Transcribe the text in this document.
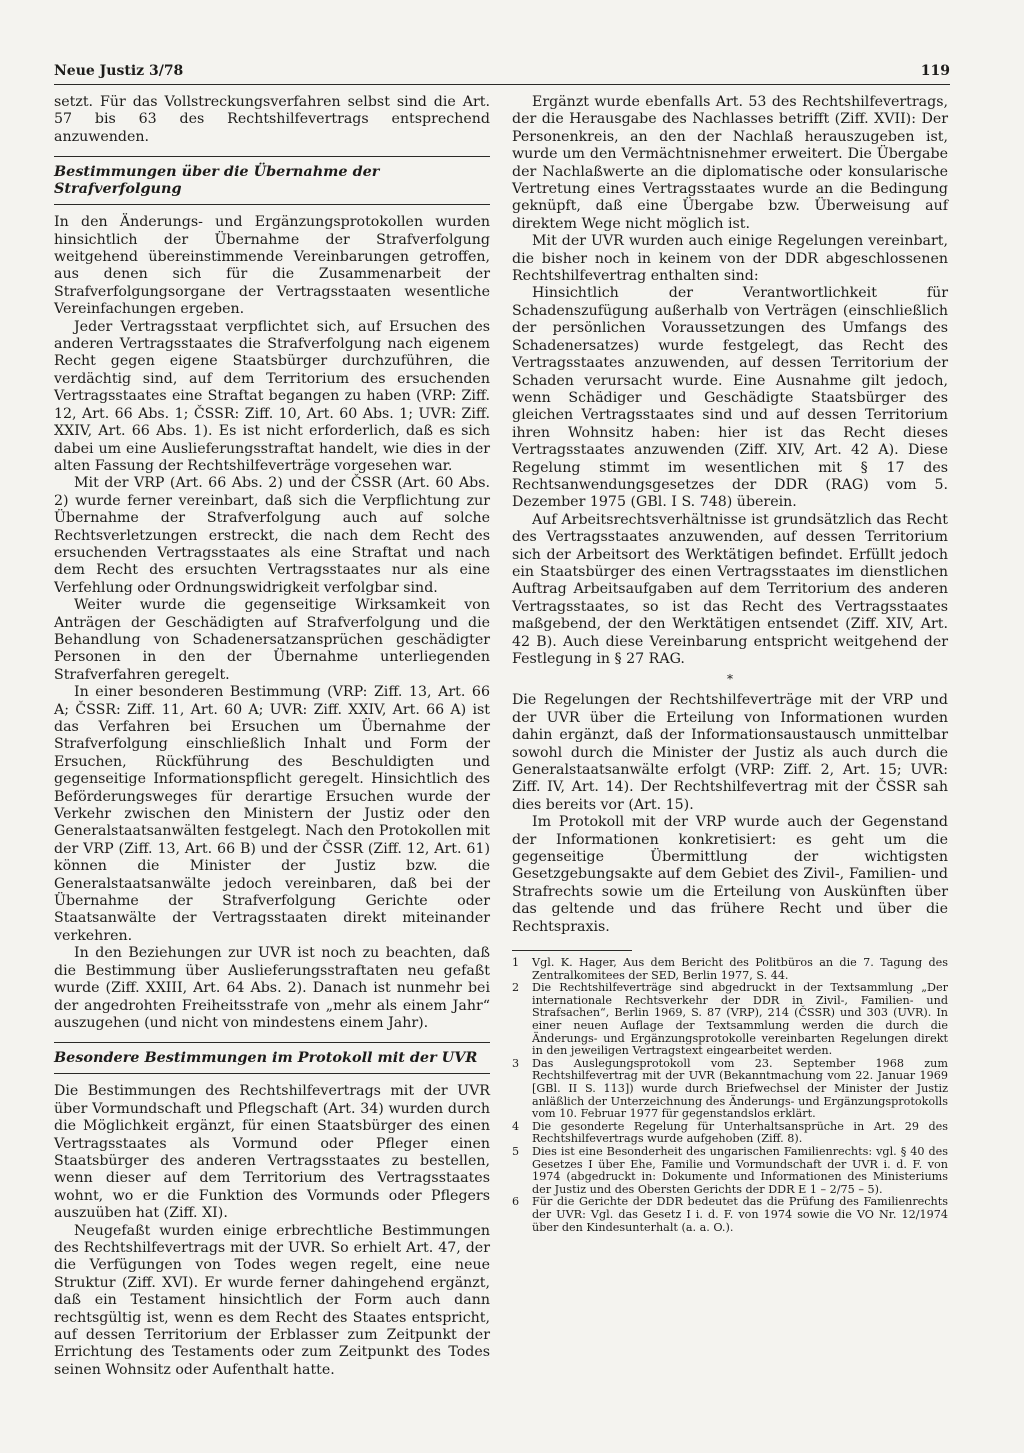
Neue Justiz 3/78	119

setzt. Für das Vollstreckungsverfahren selbst sind die Art. 57 bis 63 des Rechtshilfevertrags entsprechend anzuwenden.

Bestimmungen über die Übernahme der Strafverfolgung

In den Änderungs- und Ergänzungsprotokollen wurden hinsichtlich der Übernahme der Strafverfolgung weitgehend übereinstimmende Vereinbarungen getroffen, aus denen sich für die Zusammenarbeit der Strafverfolgungsorgane der Vertragsstaaten wesentliche Vereinfachungen ergeben.

Jeder Vertragsstaat verpflichtet sich, auf Ersuchen des anderen Vertragsstaates die Strafverfolgung nach eigenem Recht gegen eigene Staatsbürger durchzuführen, die verdächtig sind, auf dem Territorium des ersuchenden Vertragsstaates eine Straftat begangen zu haben (VRP: Ziff. 12, Art. 66 Abs. 1; ČSSR: Ziff. 10, Art. 60 Abs. 1; UVR: Ziff. XXIV, Art. 66 Abs. 1). Es ist nicht erforderlich, daß es sich dabei um eine Auslieferungsstraftat handelt, wie dies in der alten Fassung der Rechtshilfeverträge vorgesehen war.

Mit der VRP (Art. 66 Abs. 2) und der ČSSR (Art. 60 Abs. 2) wurde ferner vereinbart, daß sich die Verpflichtung zur Übernahme der Strafverfolgung auch auf solche Rechtsverletzungen erstreckt, die nach dem Recht des ersuchenden Vertragsstaates als eine Straftat und nach dem Recht des ersuchten Vertragsstaates nur als eine Verfehlung oder Ordnungswidrigkeit verfolgbar sind.

Weiter wurde die gegenseitige Wirksamkeit von Anträgen der Geschädigten auf Strafverfolgung und die Behandlung von Schadenersatzansprüchen geschädigter Personen in den der Übernahme unterliegenden Strafverfahren geregelt.

In einer besonderen Bestimmung (VRP: Ziff. 13, Art. 66 A; ČSSR: Ziff. 11, Art. 60 A; UVR: Ziff. XXIV, Art. 66 A) ist das Verfahren bei Ersuchen um Übernahme der Strafverfolgung einschließlich Inhalt und Form der Ersuchen, Rückführung des Beschuldigten und gegenseitige Informationspflicht geregelt. Hinsichtlich des Beförderungsweges für derartige Ersuchen wurde der Verkehr zwischen den Ministern der Justiz oder den Generalstaatsanwälten festgelegt. Nach den Protokollen mit der VRP (Ziff. 13, Art. 66 B) und der ČSSR (Ziff. 12, Art. 61) können die Minister der Justiz bzw. die Generalstaatsanwälte jedoch vereinbaren, daß bei der Übernahme der Strafverfolgung Gerichte oder Staatsanwälte der Vertragsstaaten direkt miteinander verkehren.

In den Beziehungen zur UVR ist noch zu beachten, daß die Bestimmung über Auslieferungsstraftaten neu gefaßt wurde (Ziff. XXIII, Art. 64 Abs. 2). Danach ist nunmehr bei der angedrohten Freiheitsstrafe von „mehr als einem Jahr“ auszugehen (und nicht von mindestens einem Jahr).

Besondere Bestimmungen im Protokoll mit der UVR

Die Bestimmungen des Rechtshilfevertrags mit der UVR über Vormundschaft und Pflegschaft (Art. 34) wurden durch die Möglichkeit ergänzt, für einen Staatsbürger des einen Vertragsstaates als Vormund oder Pfleger einen Staatsbürger des anderen Vertragsstaates zu bestellen, wenn dieser auf dem Territorium des Vertragsstaates wohnt, wo er die Funktion des Vormunds oder Pflegers auszuüben hat (Ziff. XI).

Neugefaßt wurden einige erbrechtliche Bestimmungen des Rechtshilfevertrags mit der UVR. So erhielt Art. 47, der die Verfügungen von Todes wegen regelt, eine neue Struktur (Ziff. XVI). Er wurde ferner dahingehend ergänzt, daß ein Testament hinsichtlich der Form auch dann rechtsgültig ist, wenn es dem Recht des Staates entspricht, auf dessen Territorium der Erblasser zum Zeitpunkt der Errichtung des Testaments oder zum Zeitpunkt des Todes seinen Wohnsitz oder Aufenthalt hatte.

Ergänzt wurde ebenfalls Art. 53 des Rechtshilfevertrags, der die Herausgabe des Nachlasses betrifft (Ziff. XVII): Der Personenkreis, an den der Nachlaß herauszugeben ist, wurde um den Vermächtnisnehmer erweitert. Die Übergabe der Nachlaßwerte an die diplomatische oder konsularische Vertretung eines Vertragsstaates wurde an die Bedingung geknüpft, daß eine Übergabe bzw. Überweisung auf direktem Wege nicht möglich ist.

Mit der UVR wurden auch einige Regelungen vereinbart, die bisher noch in keinem von der DDR abgeschlossenen Rechtshilfevertrag enthalten sind:

Hinsichtlich der Verantwortlichkeit für Schadenszufügung außerhalb von Verträgen (einschließlich der persönlichen Voraussetzungen des Umfangs des Schadenersatzes) wurde festgelegt, das Recht des Vertragsstaates anzuwenden, auf dessen Territorium der Schaden verursacht wurde. Eine Ausnahme gilt jedoch, wenn Schädiger und Geschädigte Staatsbürger des gleichen Vertragsstaates sind und auf dessen Territorium ihren Wohnsitz haben: hier ist das Recht dieses Vertragsstaates anzuwenden (Ziff. XIV, Art. 42 A). Diese Regelung stimmt im wesentlichen mit § 17 des Rechtsanwendungsgesetzes der DDR (RAG) vom 5. Dezember 1975 (GBl. I S. 748) überein.

Auf Arbeitsrechtsverhältnisse ist grundsätzlich das Recht des Vertragsstaates anzuwenden, auf dessen Territorium sich der Arbeitsort des Werktätigen befindet. Erfüllt jedoch ein Staatsbürger des einen Vertragsstaates im dienstlichen Auftrag Arbeitsaufgaben auf dem Territorium des anderen Vertragsstaates, so ist das Recht des Vertragsstaates maßgebend, der den Werktätigen entsendet (Ziff. XIV, Art. 42 B). Auch diese Vereinbarung entspricht weitgehend der Festlegung in § 27 RAG.

*

Die Regelungen der Rechtshilfeverträge mit der VRP und der UVR über die Erteilung von Informationen wurden dahin ergänzt, daß der Informationsaustausch unmittelbar sowohl durch die Minister der Justiz als auch durch die Generalstaatsanwälte erfolgt (VRP: Ziff. 2, Art. 15; UVR: Ziff. IV, Art. 14). Der Rechtshilfevertrag mit der ČSSR sah dies bereits vor (Art. 15).

Im Protokoll mit der VRP wurde auch der Gegenstand der Informationen konkretisiert: es geht um die gegenseitige Übermittlung der wichtigsten Gesetzgebungsakte auf dem Gebiet des Zivil-, Familien- und Strafrechts sowie um die Erteilung von Auskünften über das geltende und das frühere Recht und über die Rechtspraxis.

1	Vgl. K. Hager, Aus dem Bericht des Politbüros an die 7. Tagung des Zentralkomitees der SED, Berlin 1977, S. 44.
2	Die Rechtshilfeverträge sind abgedruckt in der Textsammlung „Der internationale Rechtsverkehr der DDR in Zivil-, Familien- und Strafsachen“, Berlin 1969, S. 87 (VRP), 214 (ČSSR) und 303 (UVR). In einer neuen Auflage der Textsammlung werden die durch die Änderungs- und Ergänzungsprotokolle vereinbarten Regelungen direkt in den jeweiligen Vertragstext eingearbeitet werden.
3	Das Auslegungsprotokoll vom 23. September 1968 zum Rechtshilfevertrag mit der UVR (Bekanntmachung vom 22. Januar 1969 [GBl. II S. 113]) wurde durch Briefwechsel der Minister der Justiz anläßlich der Unterzeichnung des Änderungs- und Ergänzungsprotokolls vom 10. Februar 1977 für gegenstandslos erklärt.
4	Die gesonderte Regelung für Unterhaltsansprüche in Art. 29 des Rechtshilfevertrags wurde aufgehoben (Ziff. 8).
5	Dies ist eine Besonderheit des ungarischen Familienrechts: vgl. § 40 des Gesetzes I über Ehe, Familie und Vormundschaft der UVR i. d. F. von 1974 (abgedruckt in: Dokumente und Informationen des Ministeriums der Justiz und des Obersten Gerichts der DDR E 1 – 2/75 – 5).
6	Für die Gerichte der DDR bedeutet das die Prüfung des Familienrechts der UVR: Vgl. das Gesetz I i. d. F. von 1974 sowie die VO Nr. 12/1974 über den Kindesunterhalt (a. a. O.).
